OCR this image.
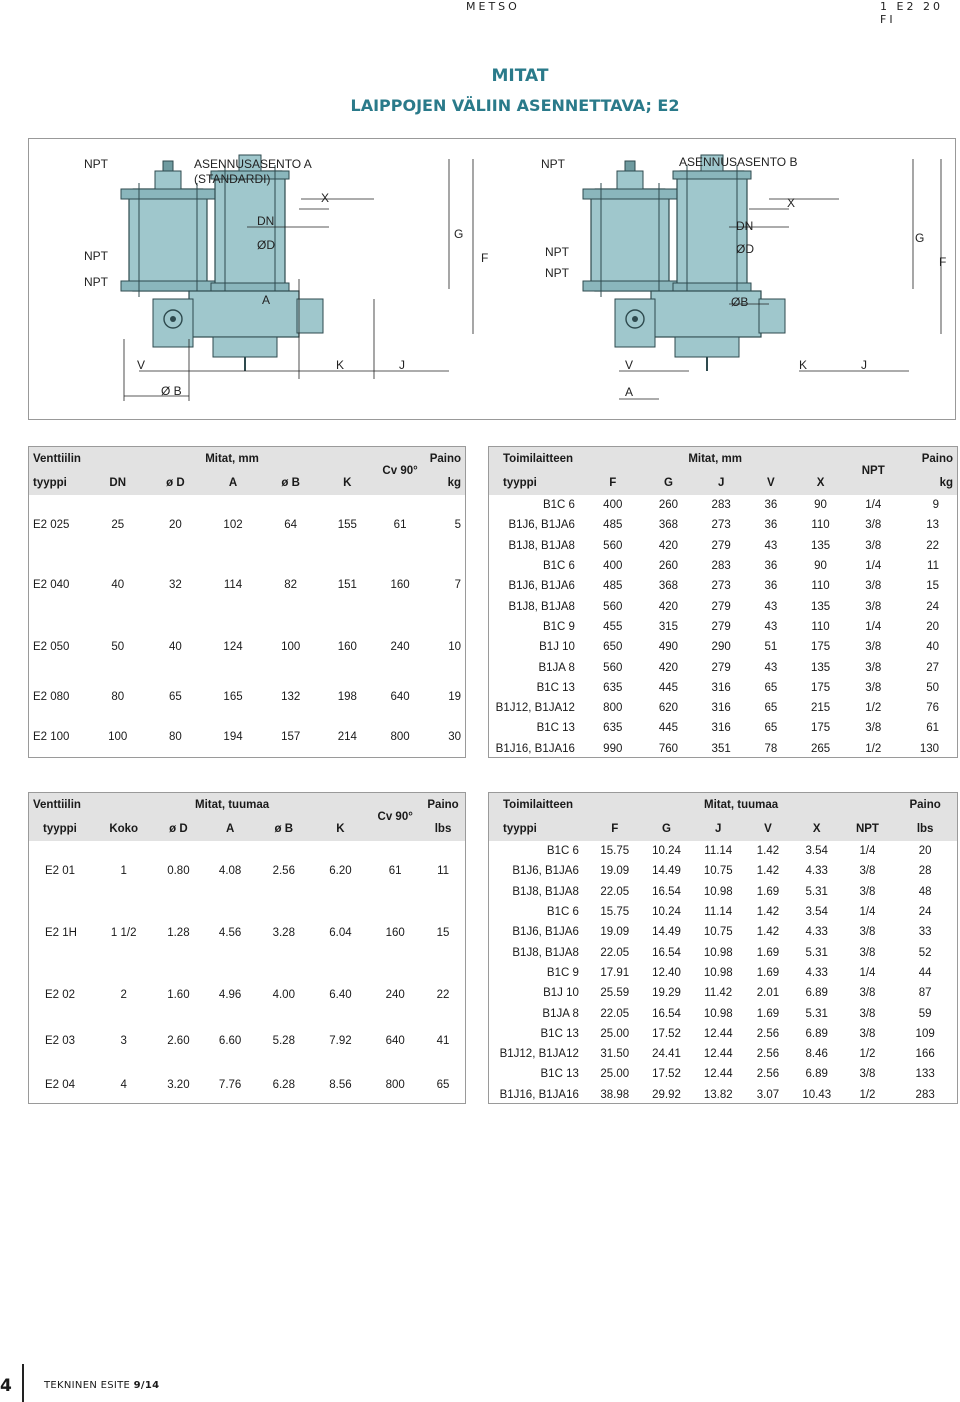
METSO	1 E2 20 FI
MITAT
LAIPPOJEN VÄLIIN ASENNETTAVA; E2
NPT	ASENNUSASENTO A
(STANDARDI)
X
DN
ØD
G
F
NPT
NPT
A
V	K	J
Ø B
NPT	ASENNUSASENTO B
X
DN
ØD
G
F
NPT
NPT
ØB
V
A
K	J
Venttiilin	Mitat, mm					Cv 90°	Paino
tyyppi	DN	ø D	A	ø B	K		kg

E2 025	25	20	102	64	155	61	5

E2 040	40	32	114	82	151	160	7

E2 050	50	40	124	100	160	240	10

E2 080	80	65	165	132	198	640	19

E2 100	100	80	194	157	214	800	30
Toimilaitteen	Mitat, mm					NPT	Paino
tyyppi	F	G	J	V	X		kg
B1C 6	400	260	283	36	90	1/4	9
B1J6, B1JA6	485	368	273	36	110	3/8	13
B1J8, B1JA8	560	420	279	43	135	3/8	22
B1C 6	400	260	283	36	90	1/4	11
B1J6, B1JA6	485	368	273	36	110	3/8	15
B1J8, B1JA8	560	420	279	43	135	3/8	24
B1C 9	455	315	279	43	110	1/4	20
B1J 10	650	490	290	51	175	3/8	40
B1JA 8	560	420	279	43	135	3/8	27
B1C 13	635	445	316	65	175	3/8	50
B1J12, B1JA12	800	620	316	65	215	1/2	76
B1C 13	635	445	316	65	175	3/8	61
B1J16, B1JA16	990	760	351	78	265	1/2	130
Venttiilin	Mitat, tuumaa					Cv 90°	Paino
tyyppi	Koko	ø D	A	ø B	K		lbs

E2 01	1	0.80	4.08	2.56	6.20	61	11

E2 1H	1 1/2	1.28	4.56	3.28	6.04	160	15

E2 02	2	1.60	4.96	4.00	6.40	240	22

E2 03	3	2.60	6.60	5.28	7.92	640	41

E2 04	4	3.20	7.76	6.28	8.56	800	65
Toimilaitteen	Mitat, tuumaa						Paino
tyyppi	F	G	J	V	X	NPT	lbs
B1C 6	15.75	10.24	11.14	1.42	3.54	1/4	20
B1J6, B1JA6	19.09	14.49	10.75	1.42	4.33	3/8	28
B1J8, B1JA8	22.05	16.54	10.98	1.69	5.31	3/8	48
B1C 6	15.75	10.24	11.14	1.42	3.54	1/4	24
B1J6, B1JA6	19.09	14.49	10.75	1.42	4.33	3/8	33
B1J8, B1JA8	22.05	16.54	10.98	1.69	5.31	3/8	52
B1C 9	17.91	12.40	10.98	1.69	4.33	1/4	44
B1J 10	25.59	19.29	11.42	2.01	6.89	3/8	87
B1JA 8	22.05	16.54	10.98	1.69	5.31	3/8	59
B1C 13	25.00	17.52	12.44	2.56	6.89	3/8	109
B1J12, B1JA12	31.50	24.41	12.44	2.56	8.46	1/2	166
B1C 13	25.00	17.52	12.44	2.56	6.89	3/8	133
B1J16, B1JA16	38.98	29.92	13.82	3.07	10.43	1/2	283
4	TEKNINEN ESITE 9/14
